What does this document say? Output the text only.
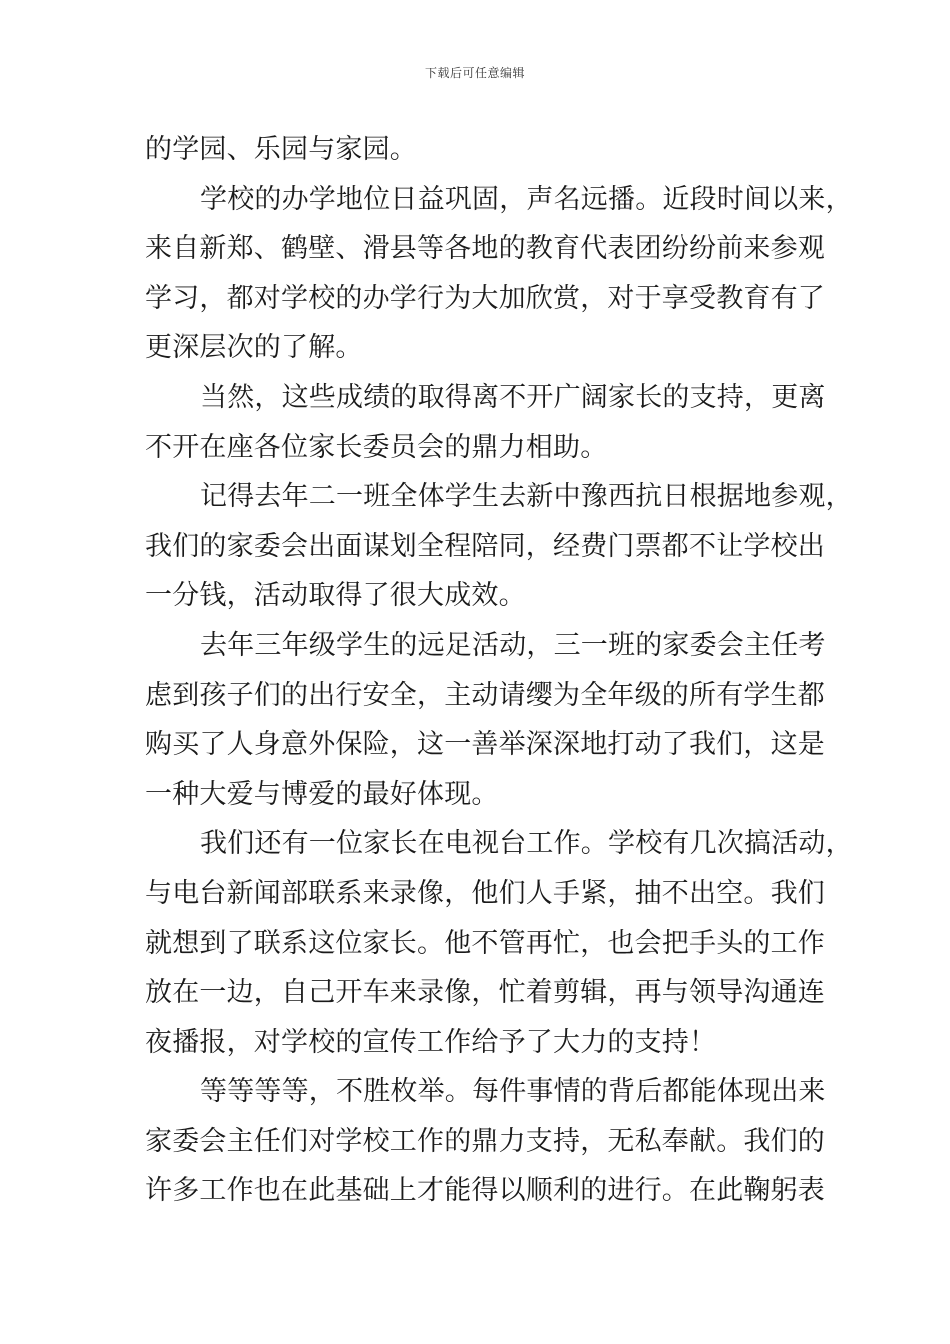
下载后可任意编辑
的学园、乐园与家园。
学校的办学地位日益巩固，声名远播。近段时间以来，
来自新郑、鹤壁、滑县等各地的教育代表团纷纷前来参观
学习，都对学校的办学行为大加欣赏，对于享受教育有了
更深层次的了解。
当然，这些成绩的取得离不开广阔家长的支持，更离
不开在座各位家长委员会的鼎力相助。
记得去年二一班全体学生去新中豫西抗日根据地参观，
我们的家委会出面谋划全程陪同，经费门票都不让学校出
一分钱，活动取得了很大成效。
去年三年级学生的远足活动，三一班的家委会主任考
虑到孩子们的出行安全，主动请缨为全年级的所有学生都
购买了人身意外保险，这一善举深深地打动了我们，这是
一种大爱与博爱的最好体现。
我们还有一位家长在电视台工作。学校有几次搞活动，
与电台新闻部联系来录像，他们人手紧，抽不出空。我们
就想到了联系这位家长。他不管再忙，也会把手头的工作
放在一边，自己开车来录像，忙着剪辑，再与领导沟通连
夜播报，对学校的宣传工作给予了大力的支持！
等等等等，不胜枚举。每件事情的背后都能体现出来
家委会主任们对学校工作的鼎力支持，无私奉献。我们的
许多工作也在此基础上才能得以顺利的进行。在此鞠躬表
